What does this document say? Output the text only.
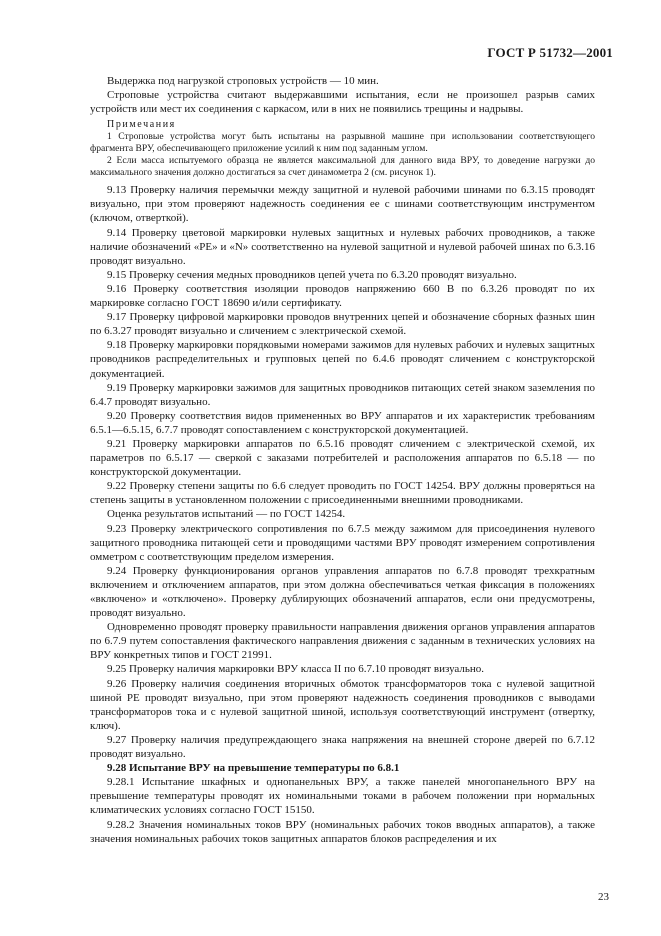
ГОСТ Р 51732—2001

Выдержка под нагрузкой строповых устройств — 10 мин.

Строповые устройства считают выдержавшими испытания, если не произошел разрыв самих устройств или мест их соединения с каркасом, или в них не появились трещины и надрывы.

Примечания

1 Строповые устройства могут быть испытаны на разрывной машине при использовании соответствующего фрагмента ВРУ, обеспечивающего приложение усилий к ним под заданным углом.

2 Если масса испытуемого образца не является максимальной для данного вида ВРУ, то доведение нагрузки до максимального значения должно достигаться за счет динамометра 2 (см. рисунок 1).

9.13 Проверку наличия перемычки между защитной и нулевой рабочими шинами по 6.3.15 проводят визуально, при этом проверяют надежность соединения ее с шинами соответствующим инструментом (ключом, отверткой).

9.14 Проверку цветовой маркировки нулевых защитных и нулевых рабочих проводников, а также наличие обозначений «PE» и «N» соответственно на нулевой защитной и нулевой рабочей шинах по 6.3.16 проводят визуально.

9.15 Проверку сечения медных проводников цепей учета по 6.3.20 проводят визуально.

9.16 Проверку соответствия изоляции проводов напряжению 660 В по 6.3.26 проводят по их маркировке согласно ГОСТ 18690 и/или сертификату.

9.17 Проверку цифровой маркировки проводов внутренних цепей и обозначение сборных фазных шин по 6.3.27 проводят визуально и сличением с электрической схемой.

9.18 Проверку маркировки порядковыми номерами зажимов для нулевых рабочих и нулевых защитных проводников распределительных и групповых цепей по 6.4.6 проводят сличением с конструкторской документацией.

9.19 Проверку маркировки зажимов для защитных проводников питающих сетей знаком заземления по 6.4.7 проводят визуально.

9.20 Проверку соответствия видов примененных во ВРУ аппаратов и их характеристик требованиям 6.5.1—6.5.15, 6.7.7 проводят сопоставлением с конструкторской документацией.

9.21 Проверку маркировки аппаратов по 6.5.16 проводят сличением с электрической схемой, их параметров по 6.5.17 — сверкой с заказами потребителей и расположения аппаратов по 6.5.18 — по конструкторской документации.

9.22 Проверку степени защиты по 6.6 следует проводить по ГОСТ 14254. ВРУ должны проверяться на степень защиты в установленном положении с присоединенными внешними проводниками.

Оценка результатов испытаний — по ГОСТ 14254.

9.23 Проверку электрического сопротивления по 6.7.5 между зажимом для присоединения нулевого защитного проводника питающей сети и проводящими частями ВРУ проводят измерением сопротивления омметром с соответствующим пределом измерения.

9.24 Проверку функционирования органов управления аппаратов по 6.7.8 проводят трехкратным включением и отключением аппаратов, при этом должна обеспечиваться четкая фиксация в положениях «включено» и «отключено». Проверку дублирующих обозначений аппаратов, если они предусмотрены, проводят визуально.

Одновременно проводят проверку правильности направления движения органов управления аппаратов по 6.7.9 путем сопоставления фактического направления движения с заданным в технических условиях на ВРУ конкретных типов и ГОСТ 21991.

9.25 Проверку наличия маркировки ВРУ класса II по 6.7.10 проводят визуально.

9.26 Проверку наличия соединения вторичных обмоток трансформаторов тока с нулевой защитной шиной PE проводят визуально, при этом проверяют надежность соединения проводников с выводами трансформаторов тока и с нулевой защитной шиной, используя соответствующий инструмент (отвертку, ключ).

9.27 Проверку наличия предупреждающего знака напряжения на внешней стороне дверей по 6.7.12 проводят визуально.

9.28 Испытание ВРУ на превышение температуры по 6.8.1

9.28.1 Испытание шкафных и однопанельных ВРУ, а также панелей многопанельного ВРУ на превышение температуры проводят их номинальными токами в рабочем положении при нормальных климатических условиях согласно ГОСТ 15150.

9.28.2 Значения номинальных токов ВРУ (номинальных рабочих токов вводных аппаратов), а также значения номинальных рабочих токов защитных аппаратов блоков распределения и их

23
